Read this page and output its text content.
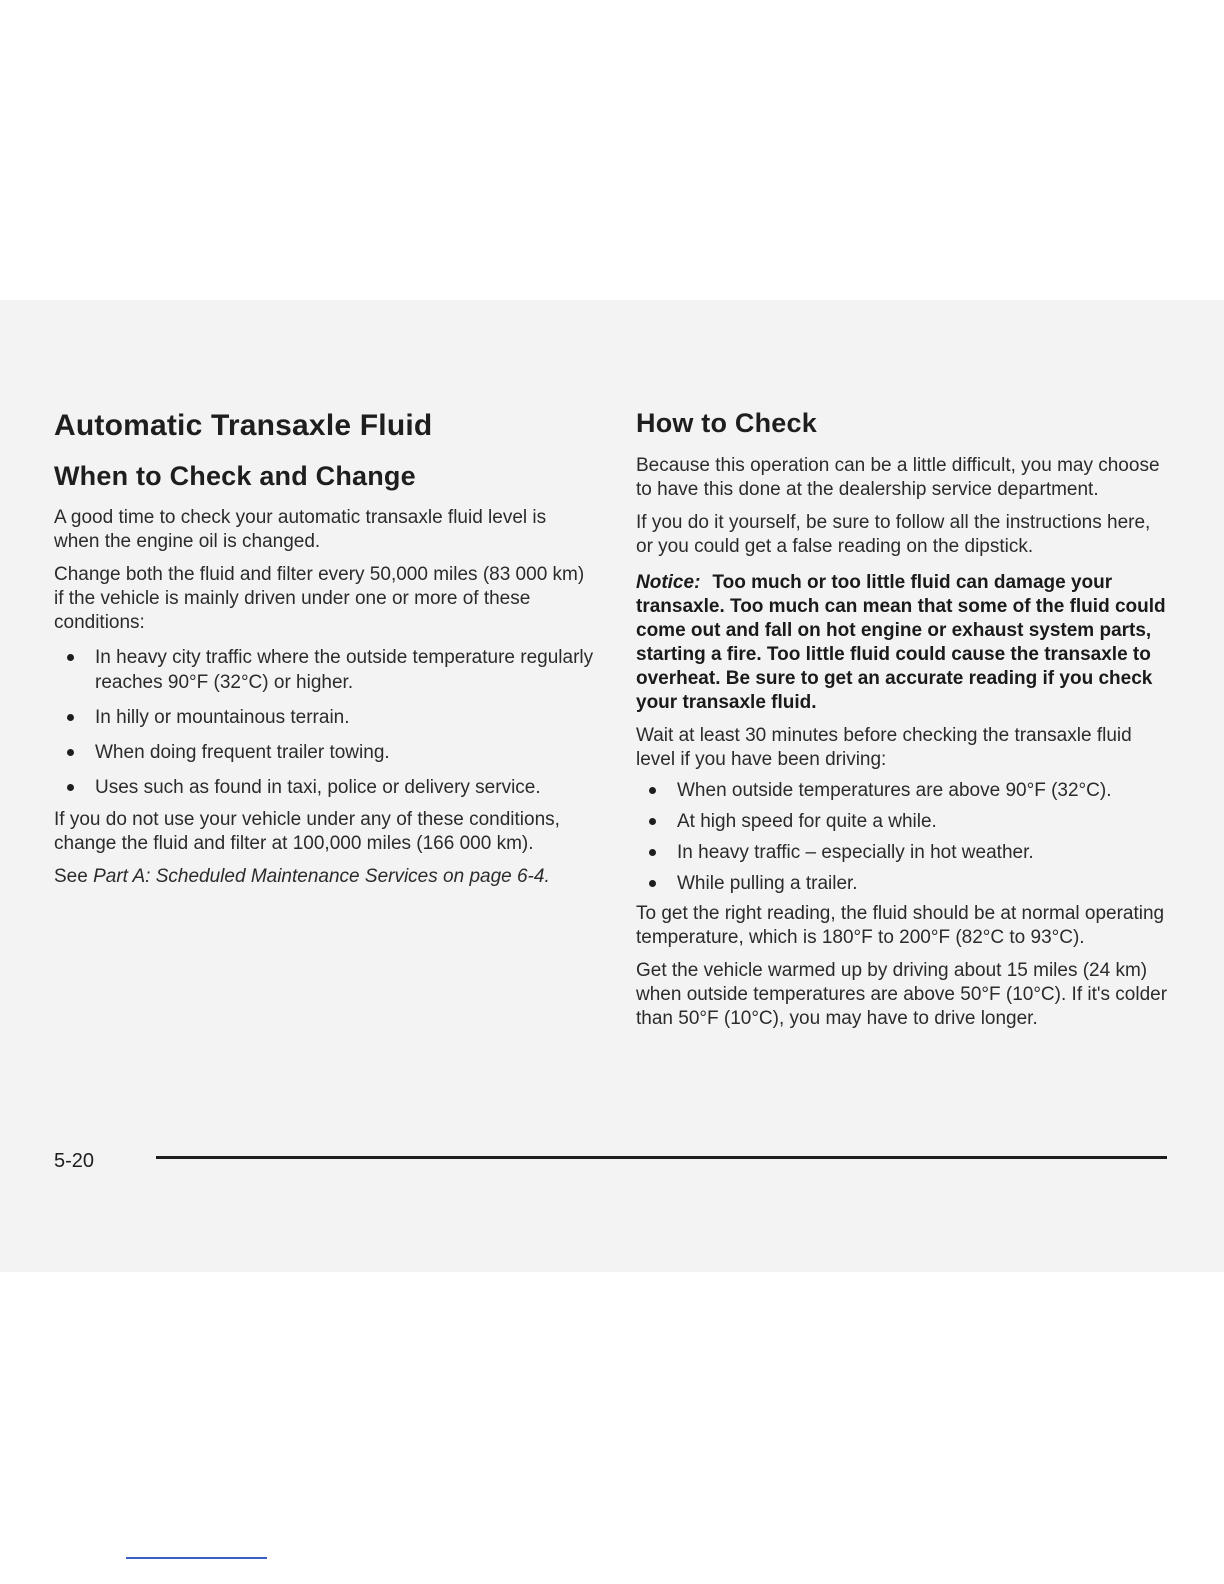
Automatic Transaxle Fluid
When to Check and Change

A good time to check your automatic transaxle fluid level is when the engine oil is changed.

Change both the fluid and filter every 50,000 miles (83 000 km) if the vehicle is mainly driven under one or more of these conditions:

In heavy city traffic where the outside temperature regularly reaches 90°F (32°C) or higher.
In hilly or mountainous terrain.
When doing frequent trailer towing.
Uses such as found in taxi, police or delivery service.

If you do not use your vehicle under any of these conditions, change the fluid and filter at 100,000 miles (166 000 km).

See Part A: Scheduled Maintenance Services on page 6-4.

How to Check

Because this operation can be a little difficult, you may choose to have this done at the dealership service department.

If you do it yourself, be sure to follow all the instructions here, or you could get a false reading on the dipstick.

Notice: Too much or too little fluid can damage your transaxle. Too much can mean that some of the fluid could come out and fall on hot engine or exhaust system parts, starting a fire. Too little fluid could cause the transaxle to overheat. Be sure to get an accurate reading if you check your transaxle fluid.

Wait at least 30 minutes before checking the transaxle fluid level if you have been driving:

When outside temperatures are above 90°F (32°C).
At high speed for quite a while.
In heavy traffic – especially in hot weather.
While pulling a trailer.

To get the right reading, the fluid should be at normal operating temperature, which is 180°F to 200°F (82°C to 93°C).

Get the vehicle warmed up by driving about 15 miles (24 km) when outside temperatures are above 50°F (10°C). If it's colder than 50°F (10°C), you may have to drive longer.

5-20
